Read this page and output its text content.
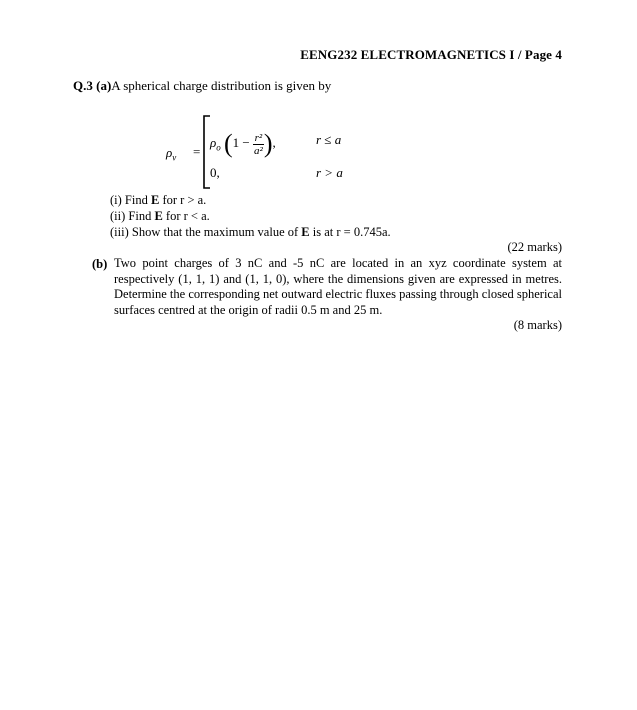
EENG232 ELECTROMAGNETICS I / Page 4
Q.3 (a)A spherical charge distribution is given by
$\rho_v$ =
$\rho_o$ ($1 - \frac{\text{r²}}{\text{a²}}$ ),	r ≤ a
0,	r > a
(i) Find E for r > a.
(ii) Find E for r < a.
(iii) Show that the maximum value of E is at r = 0.745a.
(22 marks)
(b) Two point charges of 3 nC and -5 nC are located in an xyz coordinate system at respectively (1, 1, 1) and (1, 1, 0), where the dimensions given are expressed in metres. Determine the corresponding net outward electric fluxes passing through closed spherical surfaces centred at the origin of radii 0.5 m and 25 m.
(8 marks)
